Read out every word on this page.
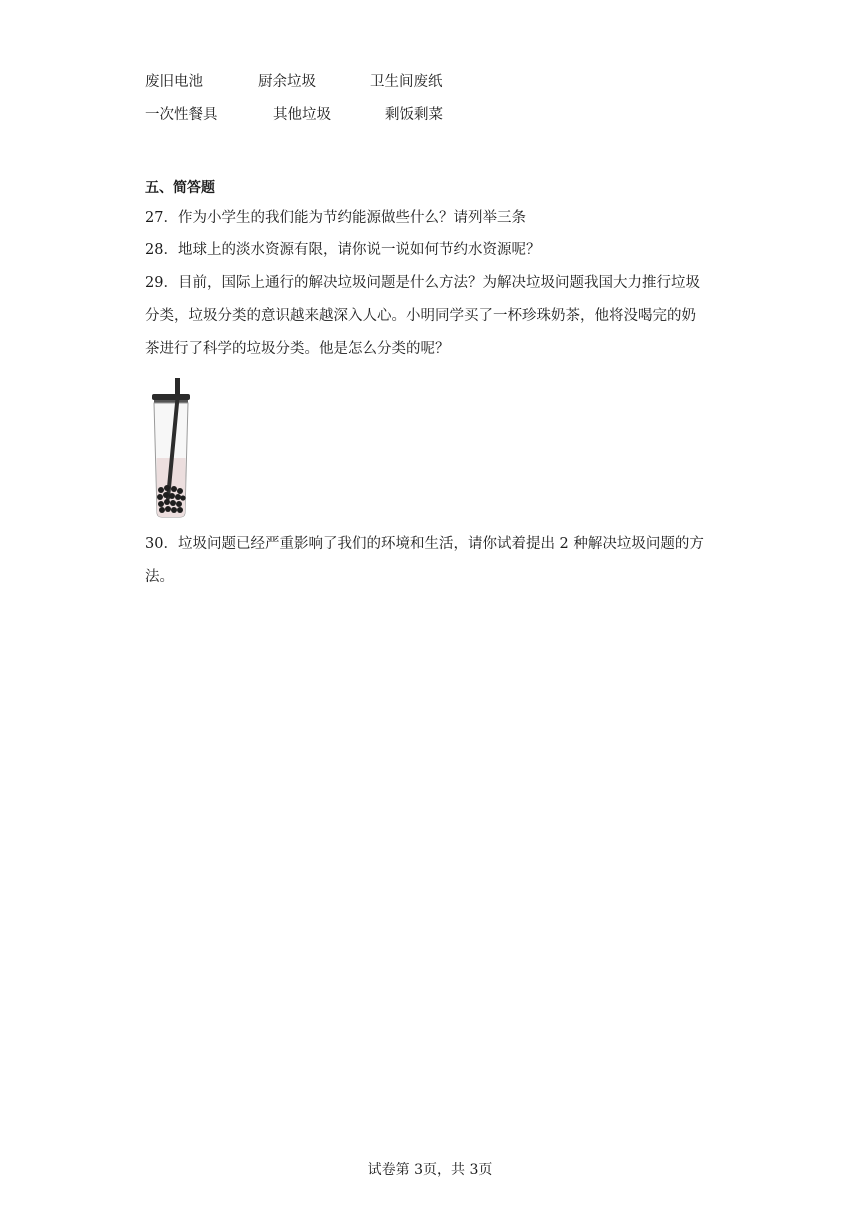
废旧电池	厨余垃圾	卫生间废纸
一次性餐具	其他垃圾	剩饭剩菜
五、简答题
27．作为小学生的我们能为节约能源做些什么？请列举三条
28．地球上的淡水资源有限，请你说一说如何节约水资源呢？
29．目前，国际上通行的解决垃圾问题是什么方法？为解决垃圾问题我国大力推行垃圾
分类，垃圾分类的意识越来越深入人心。小明同学买了一杯珍珠奶茶，他将没喝完的奶
茶进行了科学的垃圾分类。他是怎么分类的呢？
30．垃圾问题已经严重影响了我们的环境和生活，请你试着提出 2 种解决垃圾问题的方
法。
试卷第 3页，共 3页
